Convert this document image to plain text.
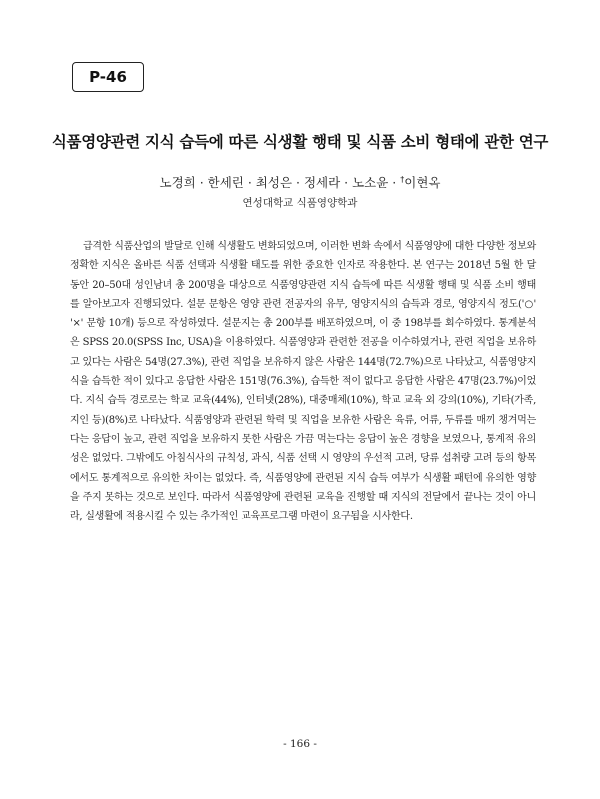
P-46
식품영양관련 지식 습득에 따른 식생활 행태 및 식품 소비 형태에 관한 연구
노경희 · 한세린 · 최성은 · 정세라 · 노소윤 · †이현옥
연성대학교 식품영양학과

급격한 식품산업의 발달로 인해 식생활도 변화되었으며, 이러한 변화 속에서 식품영양에 대한 다양한 정보와 정확한 지식은 올바른 식품 선택과 식생활 태도를 위한 중요한 인자로 작용한다. 본 연구는 2018년 5월 한 달 동안 20–50대 성인남녀 총 200명을 대상으로 식품영양관련 지식 습득에 따른 식생활 행태 및 식품 소비 행태를 알아보고자 진행되었다. 설문 문항은 영양 관련 전공자의 유무, 영양지식의 습득과 경로, 영양지식 정도('○' '×' 문항 10개) 등으로 작성하였다. 설문지는 총 200부를 배포하였으며, 이 중 198부를 회수하였다. 통계분석은 SPSS 20.0(SPSS Inc, USA)을 이용하였다. 식품영양과 관련한 전공을 이수하였거나, 관련 직업을 보유하고 있다는 사람은 54명(27.3%), 관련 직업을 보유하지 않은 사람은 144명(72.7%)으로 나타났고, 식품영양지식을 습득한 적이 있다고 응답한 사람은 151명(76.3%), 습득한 적이 없다고 응답한 사람은 47명(23.7%)이었다. 지식 습득 경로로는 학교 교육(44%), 인터넷(28%), 대중매체(10%), 학교 교육 외 강의(10%), 기타(가족, 지인 등)(8%)로 나타났다. 식품영양과 관련된 학력 및 직업을 보유한 사람은 육류, 어류, 두류를 매끼 챙겨먹는다는 응답이 높고, 관련 직업을 보유하지 못한 사람은 가끔 먹는다는 응답이 높은 경향을 보였으나, 통계적 유의성은 없었다. 그밖에도 아침식사의 규칙성, 과식, 식품 선택 시 영양의 우선적 고려, 당류 섭취량 고려 등의 항목에서도 통계적으로 유의한 차이는 없었다. 즉, 식품영양에 관련된 지식 습득 여부가 식생활 패턴에 유의한 영향을 주지 못하는 것으로 보인다. 따라서 식품영양에 관련된 교육을 진행할 때 지식의 전달에서 끝나는 것이 아니라, 실생활에 적용시킬 수 있는 추가적인 교육프로그램 마련이 요구됨을 시사한다.

- 166 -
